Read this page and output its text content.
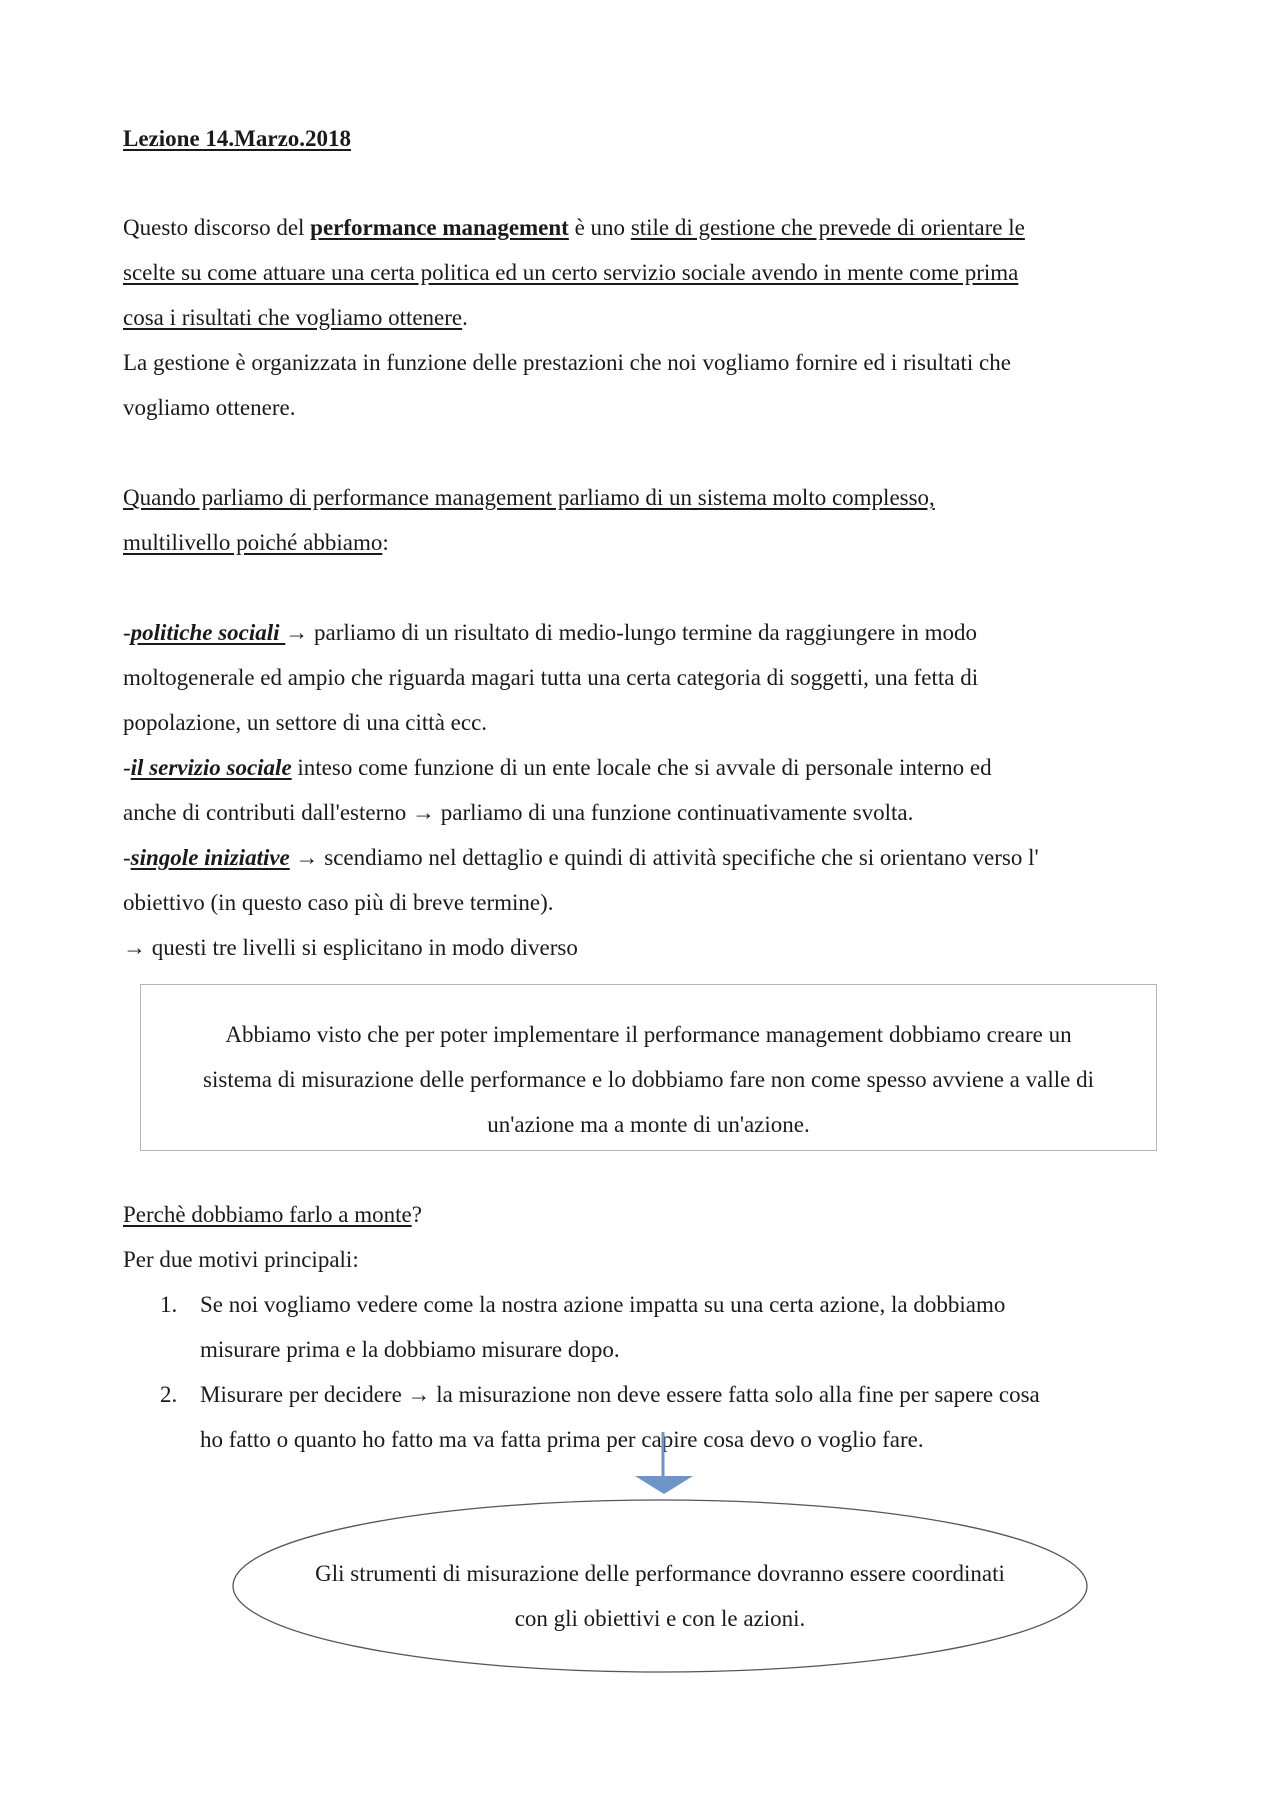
Lezione 14.Marzo.2018
Questo discorso del performance management è uno stile di gestione che prevede di orientare le
scelte su come attuare una certa politica ed un certo servizio sociale avendo in mente come prima
cosa i risultati che vogliamo ottenere.
La gestione è organizzata in funzione delle prestazioni che noi vogliamo fornire ed i risultati che
vogliamo ottenere.
Quando parliamo di performance management parliamo di un sistema molto complesso,
multilivello poiché abbiamo:
-politiche sociali → parliamo di un risultato di medio-lungo termine da raggiungere in modo
moltogenerale ed ampio che riguarda magari tutta una certa categoria di soggetti, una fetta di
popolazione, un settore di una città ecc.
-il servizio sociale inteso come funzione di un ente locale che si avvale di personale interno ed
anche di contributi dall'esterno → parliamo di una funzione continuativamente svolta.
-singole iniziative → scendiamo nel dettaglio e quindi di attività specifiche che si orientano verso l'
obiettivo (in questo caso più di breve termine).
→ questi tre livelli si esplicitano in modo diverso
Abbiamo visto che per poter implementare il performance management dobbiamo creare un
sistema di misurazione delle performance e lo dobbiamo fare non come spesso avviene a valle di
un'azione ma a monte di un'azione.
Perchè dobbiamo farlo a monte?
Per due motivi principali:
1. Se noi vogliamo vedere come la nostra azione impatta su una certa azione, la dobbiamo
misurare prima e la dobbiamo misurare dopo.
2. Misurare per decidere → la misurazione non deve essere fatta solo alla fine per sapere cosa
ho fatto o quanto ho fatto ma va fatta prima per capire cosa devo o voglio fare.
Gli strumenti di misurazione delle performance dovranno essere coordinati
con gli obiettivi e con le azioni.
